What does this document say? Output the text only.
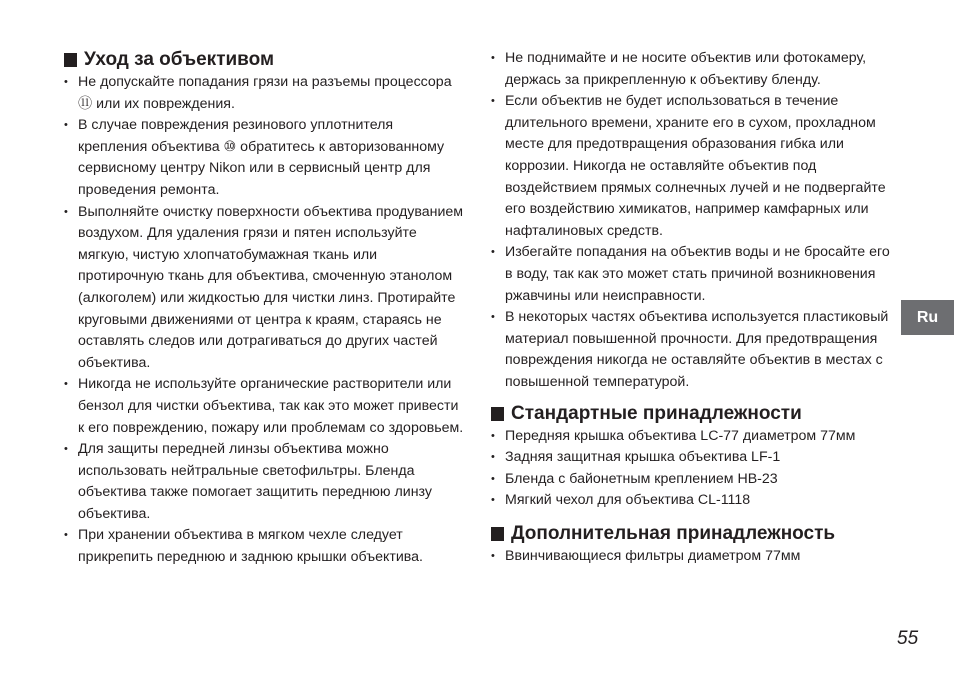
Уход за объективом
• Не допускайте попадания грязи на разъемы процессора ⑪ или их повреждения.
• В случае повреждения резинового уплотнителя крепления объектива ⑩ обратитесь к авторизованному сервисному центру Nikon или в сервисный центр для проведения ремонта.
• Выполняйте очистку поверхности объектива продуванием воздухом. Для удаления грязи и пятен используйте мягкую, чистую хлопчатобумажная ткань или протирочную ткань для объектива, смоченную этанолом (алкоголем) или жидкостью для чистки линз. Протирайте круговыми движениями от центра к краям, стараясь не оставлять следов или дотрагиваться до других частей объектива.
• Никогда не используйте органические растворители или бензол для чистки объектива, так как это может привести к его повреждению, пожару или проблемам со здоровьем.
• Для защиты передней линзы объектива можно использовать нейтральные светофильтры. Бленда объектива также помогает защитить переднюю линзу объектива.
• При хранении объектива в мягком чехле следует прикрепить переднюю и заднюю крышки объектива.
• Не поднимайте и не носите объектив или фотокамеру, держась за прикрепленную к объективу бленду.
• Если объектив не будет использоваться в течение длительного времени, храните его в сухом, прохладном месте для предотвращения образования гибка или коррозии. Никогда не оставляйте объектив под воздействием прямых солнечных лучей и не подвергайте его воздействию химикатов, например камфарных или нафталиновых средств.
• Избегайте попадания на объектив воды и не бросайте его в воду, так как это может стать причиной возникновения ржавчины или неисправности.
• В некоторых частях объектива используется пластиковый материал повышенной прочности. Для предотвращения повреждения никогда не оставляйте объектив в местах с повышенной температурой.
Стандартные принадлежности
• Передняя крышка объектива LC-77 диаметром 77мм
• Задняя защитная крышка объектива LF-1
• Бленда с байонетным креплением HB-23
• Мягкий чехол для объектива CL-1118
Дополнительная принадлежность
• Ввинчивающиеся фильтры диаметром 77мм
Ru
55
